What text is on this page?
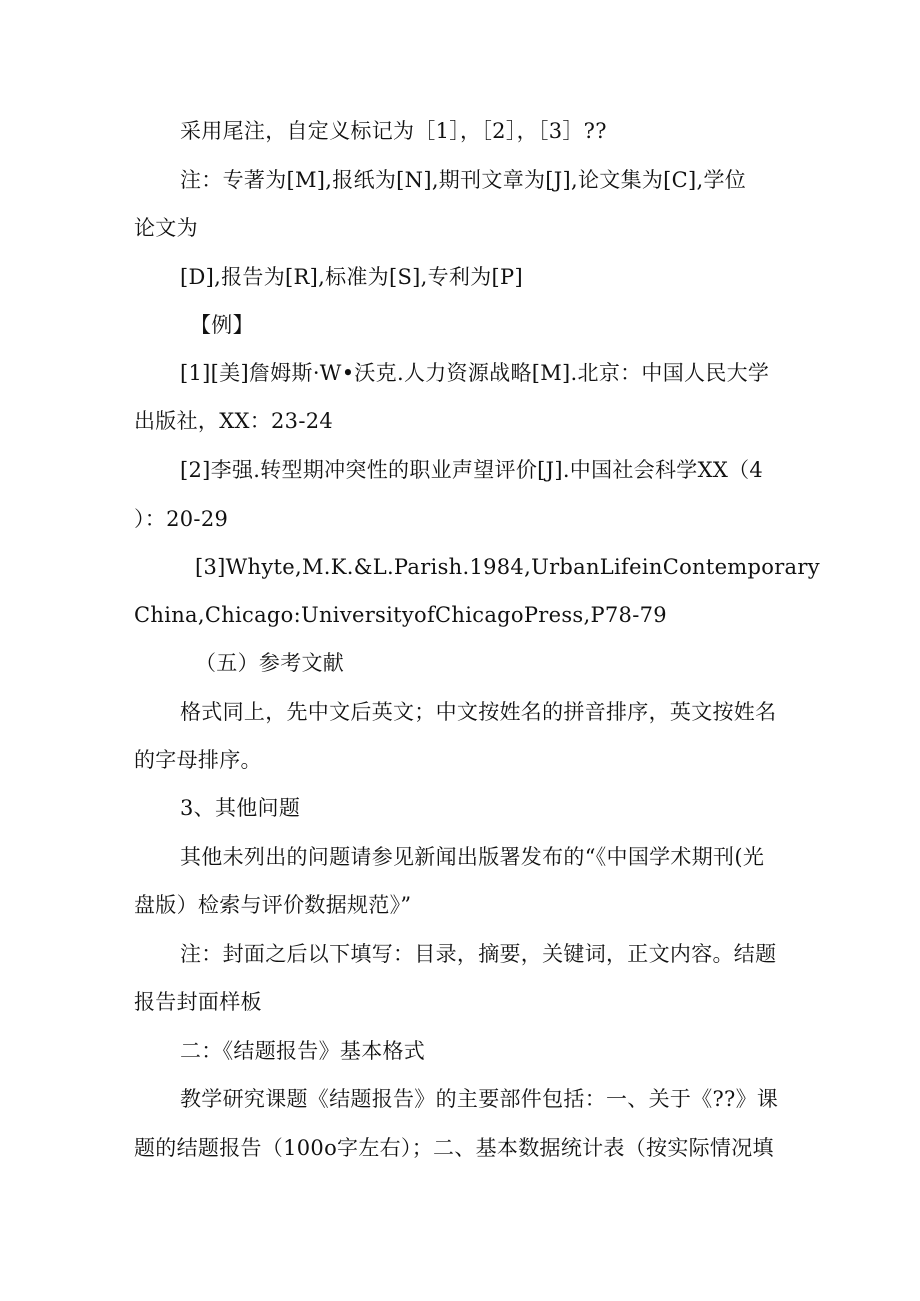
采用尾注，自定义标记为［1］，［2］，［3］??
注：专著为[M],报纸为[N],期刊文章为[J],论文集为[C],学位
论文为
[D],报告为[R],标准为[S],专利为[P]
【例】
[1][美]詹姆斯·W•沃克.人力资源战略[M].北京：中国人民大学
出版社，XX：23-24
[2]李强.转型期冲突性的职业声望评价[J].中国社会科学XX（4
）：20-29
[3]Whyte,M.K.&L.Parish.1984,UrbanLifeinContemporary
China,Chicago:UniversityofChicagoPress,P78-79
（五）参考文献
格式同上，先中文后英文；中文按姓名的拼音排序，英文按姓名
的字母排序。
3、其他问题
其他未列出的问题请参见新闻出版署发布的“《中国学术期刊(光
盘版）检索与评价数据规范》”
注：封面之后以下填写：目录，摘要，关键词，正文内容。结题
报告封面样板
二：《结题报告》基本格式
教学研究课题《结题报告》的主要部件包括：一、关于《??》课
题的结题报告（100o字左右）；二、基本数据统计表（按实际情况填
